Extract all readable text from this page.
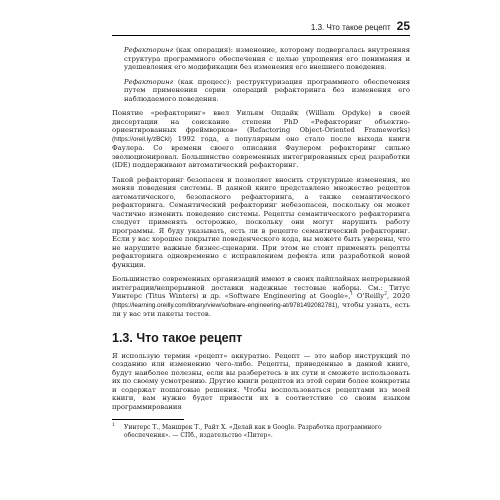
1.3. Что такое рецепт 25

Рефакторинг (как операция): изменение, которому подвергалась внутренняя структура программного обеспечения с целью упрощения его понимания и удешевления его модификации без изменения его внешнего поведения.

Рефакторинг (как процесс): реструктуризация программного обеспечения путем применения серии операций рефакторинга без изменения его наблюдаемого поведения.

Понятие «рефакторинг» ввел Уильям Опдайк (William Opdyke) в своей диссертации на соискание степени PhD «Рефакторинг объектно-ориентированных фреймворков» (Refactoring Object-Oriented Frameworks) (https://oreil.ly/zBCkI) 1992 года, а популярным оно стало после выхода книги Фаулера. Со времени своего описания Фаулером рефакторинг сильно эволюционировал. Большинство современных интегрированных сред разработки (IDE) поддерживают автоматический рефакторинг.

Такой рефакторинг безопасен и позволяет вносить структурные изменения, не меняя поведения системы. В данной книге представлено множество рецептов автоматического, безопасного рефакторинга, а также семантического рефакторинга. Семантический рефакторинг небезопасен, поскольку он может частично изменить поведение системы. Рецепты семантического рефакторинга следует применять осторожно, поскольку они могут нарушить работу программы. Я буду указывать, есть ли в рецепте семантический рефакторинг. Если у вас хорошее покрытие поведенческого кода, вы можете быть уверены, что не нарушите важные бизнес-сценарии. При этом не стоит применять рецепты рефакторинга одновременно с исправлением дефекта или разработкой новой функции.

Большинство современных организаций имеют в своих пайплайнах непрерывной интеграции/непрерывной доставки надежные тестовые наборы. См.: Титус Уинтерс (Titus Winters) и др. «Software Engineering at Google»,$^1$ O’Reilly$^2$, 2020 (https://learning.oreilly.com/library/view/software-engineering-at/9781492082781), чтобы узнать, есть ли у вас эти пакеты тестов.

1.3. Что такое рецепт

Я использую термин «рецепт» аккуратно. Рецепт — это набор инструкций по созданию или изменению чего-либо. Рецепты, приведенные в данной книге, будут наиболее полезны, если вы разберетесь в их сути и сможете использовать их по своему усмотрению. Другие книги рецептов из этой серии более конкретны и содержат пошаговые решения. Чтобы воспользоваться рецептами из моей книги, вам нужно будет привести их в соответствие со своим языком программирования

$^1$	Уинтерс Т., Маншрек Т., Райт Х. «Делай как в Google. Разработка программного обеспечения». — СПб., издательство «Питер».
